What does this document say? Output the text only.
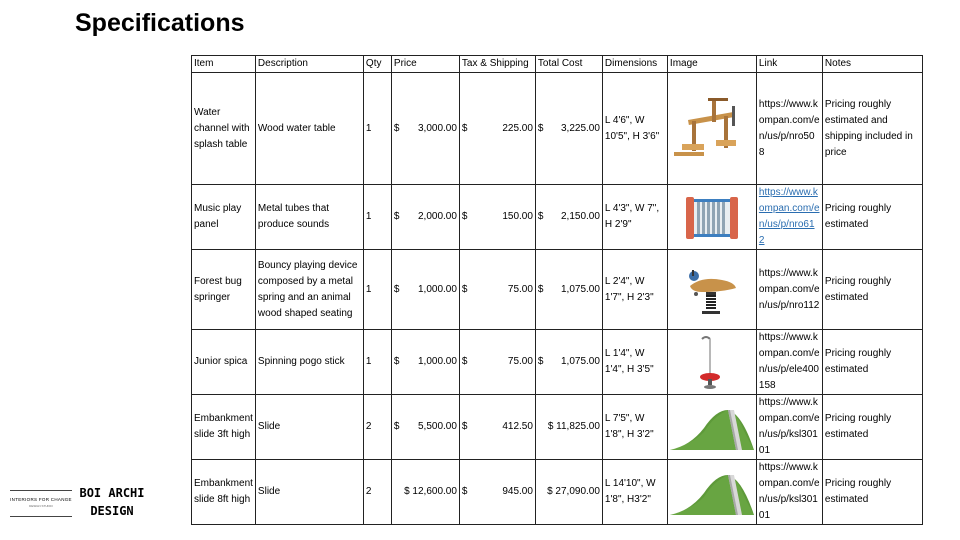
Specifications
Item	Description	Qty	Price	Tax & Shipping	Total Cost	Dimensions	Image	Link	Notes
Water channel with splash table	Wood water table	1	$ 3,000.00	$ 225.00	$ 3,225.00	L 4'6", W 10'5", H 3'6"		https://www.kompan.com/en/us/p/nro508	Pricing roughly estimated and shipping included in price
Music play panel	Metal tubes that produce sounds	1	$ 2,000.00	$ 150.00	$ 2,150.00	L 4'3", W 7", H 2'9"		https://www.kompan.com/en/us/p/nro612	Pricing roughly estimated
Forest bug springer	Bouncy playing device composed by a metal spring and an animal wood shaped seating	1	$ 1,000.00	$ 75.00	$ 1,075.00	L 2'4", W 1'7", H 2'3"		https://www.kompan.com/en/us/p/nro112	Pricing roughly estimated
Junior spica	Spinning pogo stick	1	$ 1,000.00	$ 75.00	$ 1,075.00	L 1'4", W 1'4", H 3'5"		https://www.kompan.com/en/us/p/ele400158	Pricing roughly estimated
Embankment slide 3ft high	Slide	2	$ 5,500.00	$ 412.50	$ 11,825.00	L 7'5", W 1'8", H 3'2"		https://www.kompan.com/en/us/p/ksl30101	Pricing roughly estimated
Embankment slide 8ft high	Slide	2	$ 12,600.00	$ 945.00	$ 27,090.00	L 14'10", W 1'8", H3'2"		https://www.kompan.com/en/us/p/ksl30101	Pricing roughly estimated
INTERIORS FOR CHANGE
DESIGN STUDIO
BOI ARCHI
DESIGN
